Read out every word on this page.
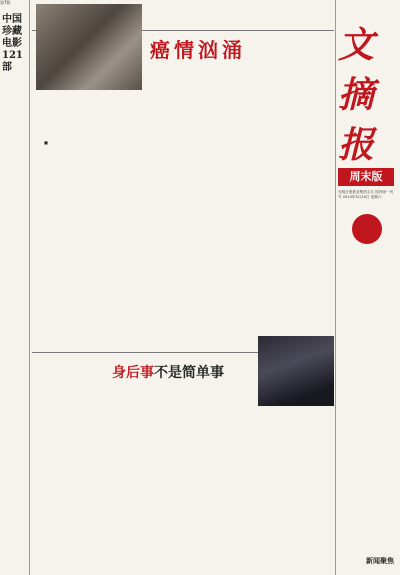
第7版
中国
珍藏
电影
121
部
癌情汹涌
■
文摘报
周末版
光明日报报业集团主办 国内统一刊号 2014年5月10日 星期六
身后事不是简单事
新闻聚焦
